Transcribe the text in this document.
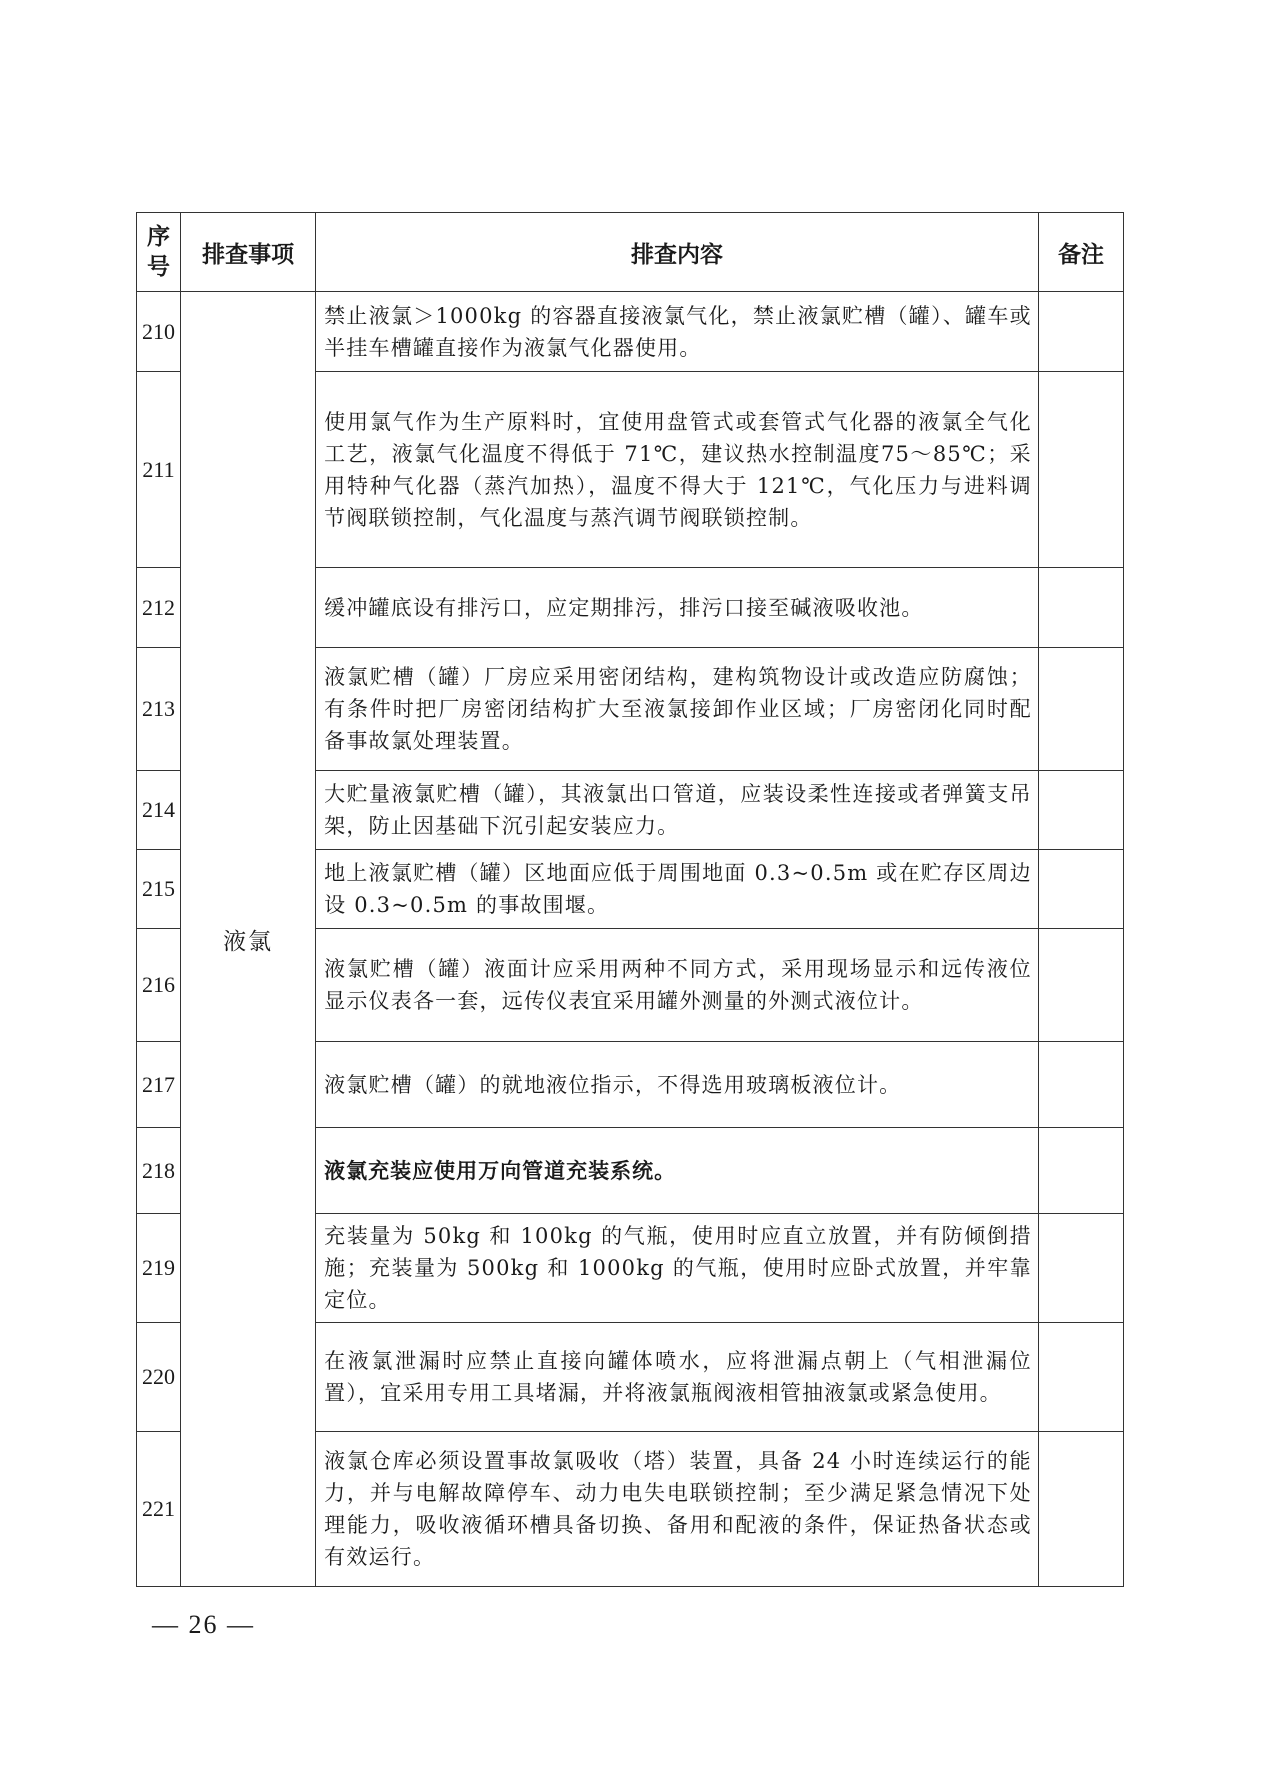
序
号	排查事项	排查内容	备注
210	液氯	禁止液氯＞1000kg 的容器直接液氯气化，禁止液氯贮槽（罐）、罐车或半挂车槽罐直接作为液氯气化器使用。	
211		使用氯气作为生产原料时，宜使用盘管式或套管式气化器的液氯全气化工艺，液氯气化温度不得低于 71℃，建议热水控制温度75～85℃；采用特种气化器（蒸汽加热），温度不得大于 121℃，气化压力与进料调节阀联锁控制，气化温度与蒸汽调节阀联锁控制。	
212		缓冲罐底设有排污口，应定期排污，排污口接至碱液吸收池。	
213		液氯贮槽（罐）厂房应采用密闭结构，建构筑物设计或改造应防腐蚀；有条件时把厂房密闭结构扩大至液氯接卸作业区域；厂房密闭化同时配备事故氯处理装置。	
214		大贮量液氯贮槽（罐），其液氯出口管道，应装设柔性连接或者弹簧支吊架，防止因基础下沉引起安装应力。	
215		地上液氯贮槽（罐）区地面应低于周围地面 0.3~0.5m 或在贮存区周边设 0.3~0.5m 的事故围堰。	
216		液氯贮槽（罐）液面计应采用两种不同方式，采用现场显示和远传液位显示仪表各一套，远传仪表宜采用罐外测量的外测式液位计。	
217		液氯贮槽（罐）的就地液位指示，不得选用玻璃板液位计。	
218		液氯充装应使用万向管道充装系统。	
219		充装量为 50kg 和 100kg 的气瓶，使用时应直立放置，并有防倾倒措施；充装量为 500kg 和 1000kg 的气瓶，使用时应卧式放置，并牢靠定位。	
220		在液氯泄漏时应禁止直接向罐体喷水，应将泄漏点朝上（气相泄漏位置），宜采用专用工具堵漏，并将液氯瓶阀液相管抽液氯或紧急使用。	
221		液氯仓库必须设置事故氯吸收（塔）装置，具备 24 小时连续运行的能力，并与电解故障停车、动力电失电联锁控制；至少满足紧急情况下处理能力，吸收液循环槽具备切换、备用和配液的条件，保证热备状态或有效运行。	
— 26 —
